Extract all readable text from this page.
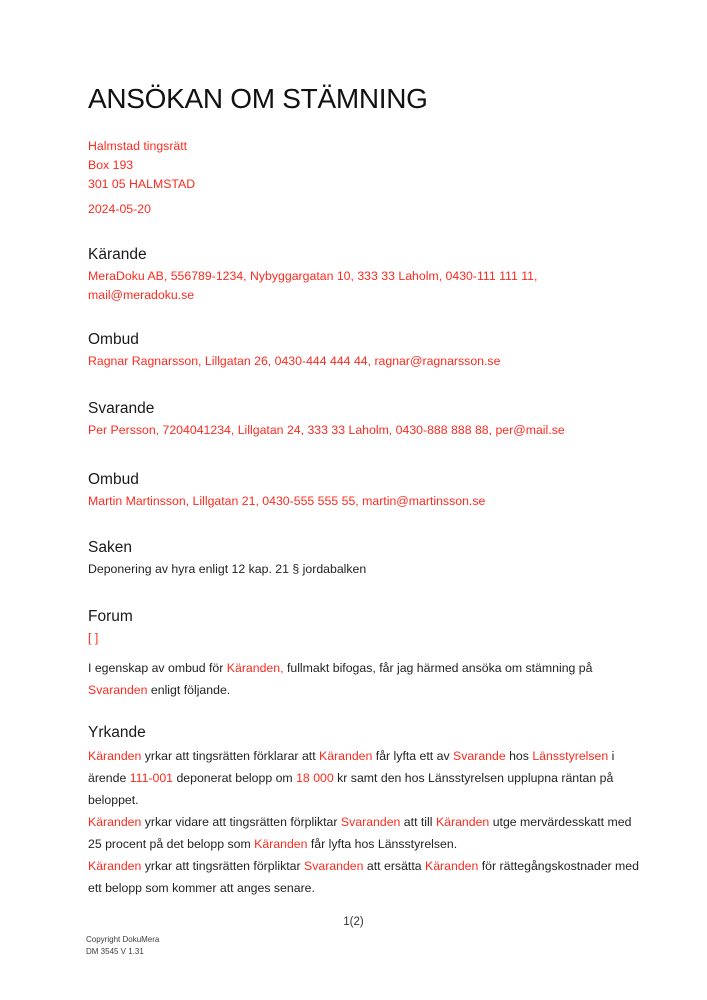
ANSÖKAN OM STÄMNING
Halmstad tingsrätt
Box 193
301 05 HALMSTAD
2024-05-20
Kärande

MeraDoku AB, 556789-1234, Nybyggargatan 10, 333 33 Laholm, 0430-111 111 11, mail@meradoku.se

Ombud

Ragnar Ragnarsson, Lillgatan 26, 0430-444 444 44, ragnar@ragnarsson.se

Svarande

Per Persson, 7204041234, Lillgatan 24, 333 33 Laholm, 0430-888 888 88, per@mail.se

Ombud

Martin Martinsson, Lillgatan 21, 0430-555 555 55, martin@martinsson.se

Saken

Deponering av hyra enligt 12 kap. 21 § jordabalken

Forum

[ ]

I egenskap av ombud för Käranden, fullmakt bifogas, får jag härmed ansöka om stämning på Svaranden enligt följande.

Yrkande

Käranden yrkar att tingsrätten förklarar att Käranden får lyfta ett av Svarande hos Länsstyrelsen i ärende 111-001 deponerat belopp om 18 000 kr samt den hos Länsstyrelsen upplupna räntan på beloppet.

Käranden yrkar vidare att tingsrätten förpliktar Svaranden att till Käranden utge mervärdesskatt med 25 procent på det belopp som Käranden får lyfta hos Länsstyrelsen.

Käranden yrkar att tingsrätten förpliktar Svaranden att ersätta Käranden för rättegångskostnader med ett belopp som kommer att anges senare.

1(2)
Copyright DokuMera
DM 3545 V 1.31
